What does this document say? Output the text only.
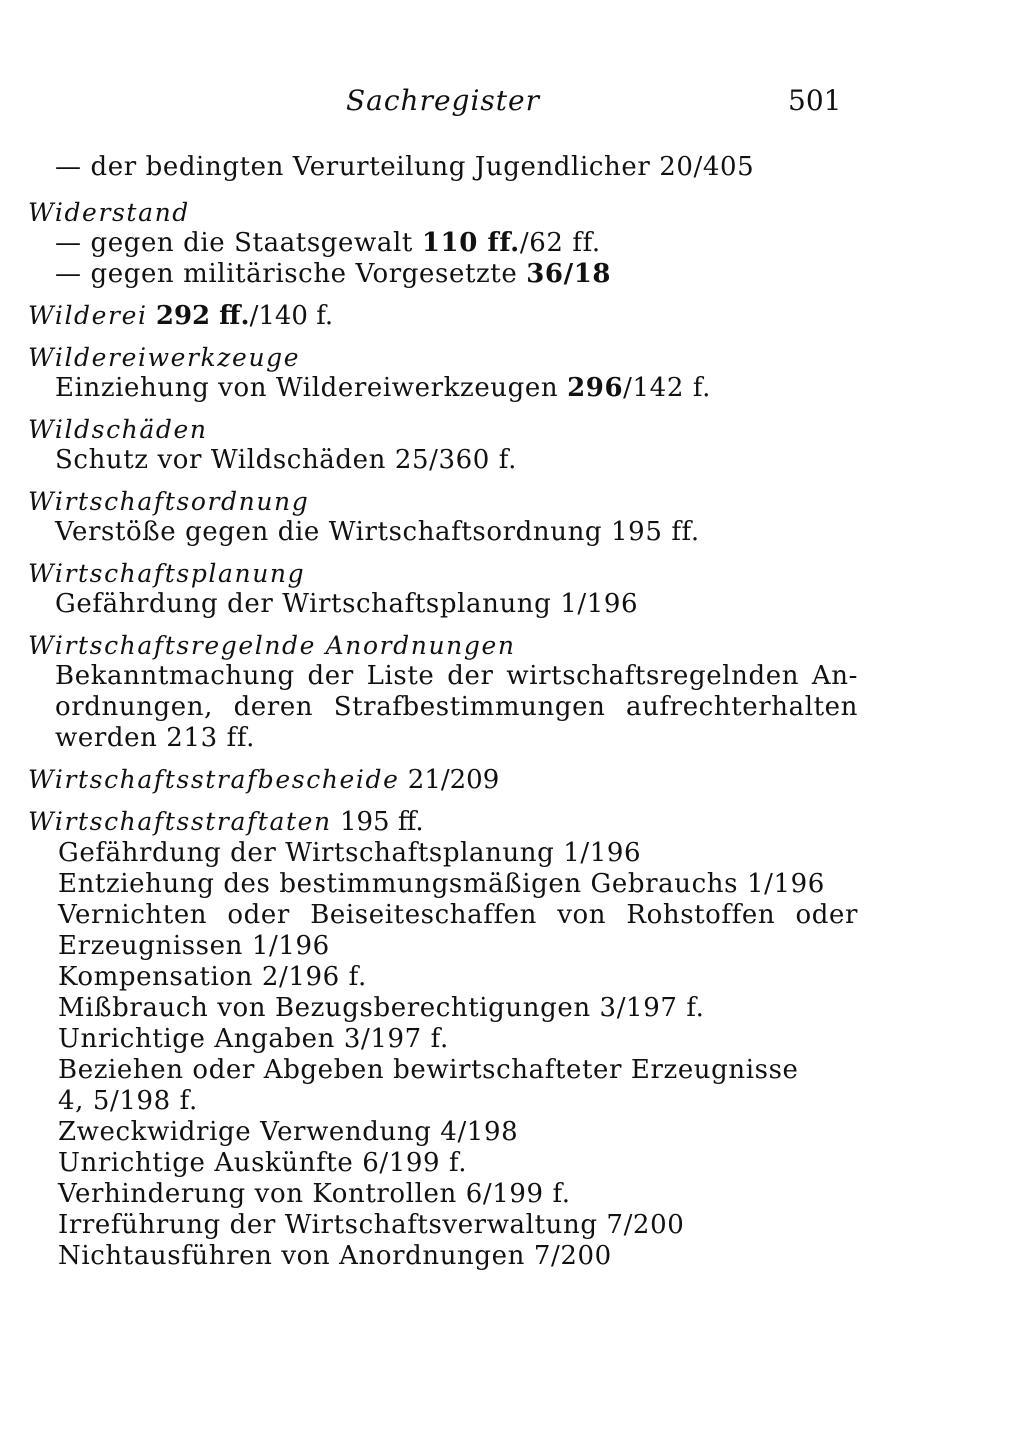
Sachregister	501
— der bedingten Verurteilung Jugendlicher 20/405
Widerstand
— gegen die Staatsgewalt 110 ff./62 ff.
— gegen militärische Vorgesetzte 36/18
Wilderei 292 ff./140 f.
Wildereiwerkzeuge
Einziehung von Wildereiwerkzeugen 296/142 f.
Wildschäden
Schutz vor Wildschäden 25/360 f.
Wirtschaftsordnung
Verstöße gegen die Wirtschaftsordnung 195 ff.
Wirtschaftsplanung
Gefährdung der Wirtschaftsplanung 1/196
Wirtschaftsregelnde Anordnungen
Bekanntmachung der Liste der wirtschaftsregelnden An-
ordnungen, deren Strafbestimmungen aufrechterhalten
werden 213 ff.
Wirtschaftsstrafbescheide 21/209
Wirtschaftsstraftaten 195 ff.
Gefährdung der Wirtschaftsplanung 1/196
Entziehung des bestimmungsmäßigen Gebrauchs 1/196
Vernichten oder Beiseiteschaffen von Rohstoffen oder
Erzeugnissen 1/196
Kompensation 2/196 f.
Mißbrauch von Bezugsberechtigungen 3/197 f.
Unrichtige Angaben 3/197 f.
Beziehen oder Abgeben bewirtschafteter Erzeugnisse
4, 5/198 f.
Zweckwidrige Verwendung 4/198
Unrichtige Auskünfte 6/199 f.
Verhinderung von Kontrollen 6/199 f.
Irreführung der Wirtschaftsverwaltung 7/200
Nichtausführen von Anordnungen 7/200
